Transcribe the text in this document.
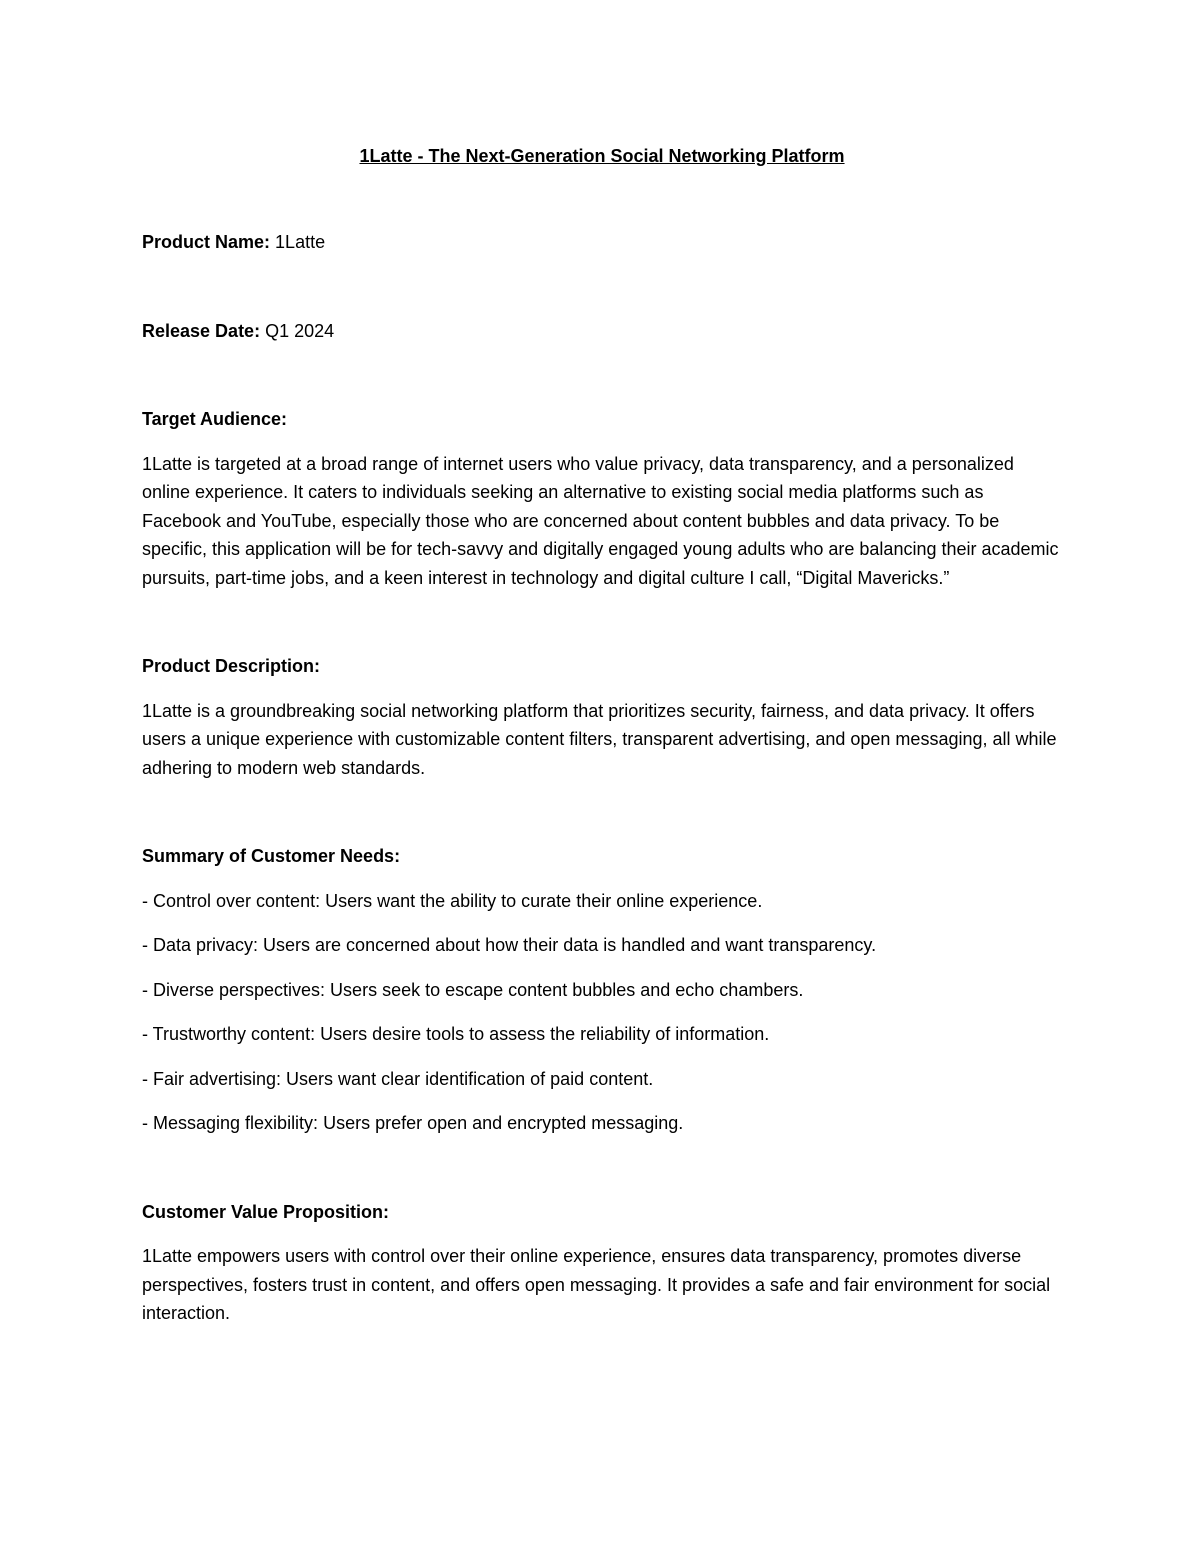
1Latte - The Next-Generation Social Networking Platform

Product Name: 1Latte

Release Date: Q1 2024

Target Audience:

1Latte is targeted at a broad range of internet users who value privacy, data transparency, and a personalized online experience. It caters to individuals seeking an alternative to existing social media platforms such as Facebook and YouTube, especially those who are concerned about content bubbles and data privacy. To be specific, this application will be for tech-savvy and digitally engaged young adults who are balancing their academic pursuits, part-time jobs, and a keen interest in technology and digital culture I call, “Digital Mavericks.”

Product Description:

1Latte is a groundbreaking social networking platform that prioritizes security, fairness, and data privacy. It offers users a unique experience with customizable content filters, transparent advertising, and open messaging, all while adhering to modern web standards.

Summary of Customer Needs:

- Control over content: Users want the ability to curate their online experience.
- Data privacy: Users are concerned about how their data is handled and want transparency.
- Diverse perspectives: Users seek to escape content bubbles and echo chambers.
- Trustworthy content: Users desire tools to assess the reliability of information.
- Fair advertising: Users want clear identification of paid content.
- Messaging flexibility: Users prefer open and encrypted messaging.

Customer Value Proposition:

1Latte empowers users with control over their online experience, ensures data transparency, promotes diverse perspectives, fosters trust in content, and offers open messaging. It provides a safe and fair environment for social interaction.
